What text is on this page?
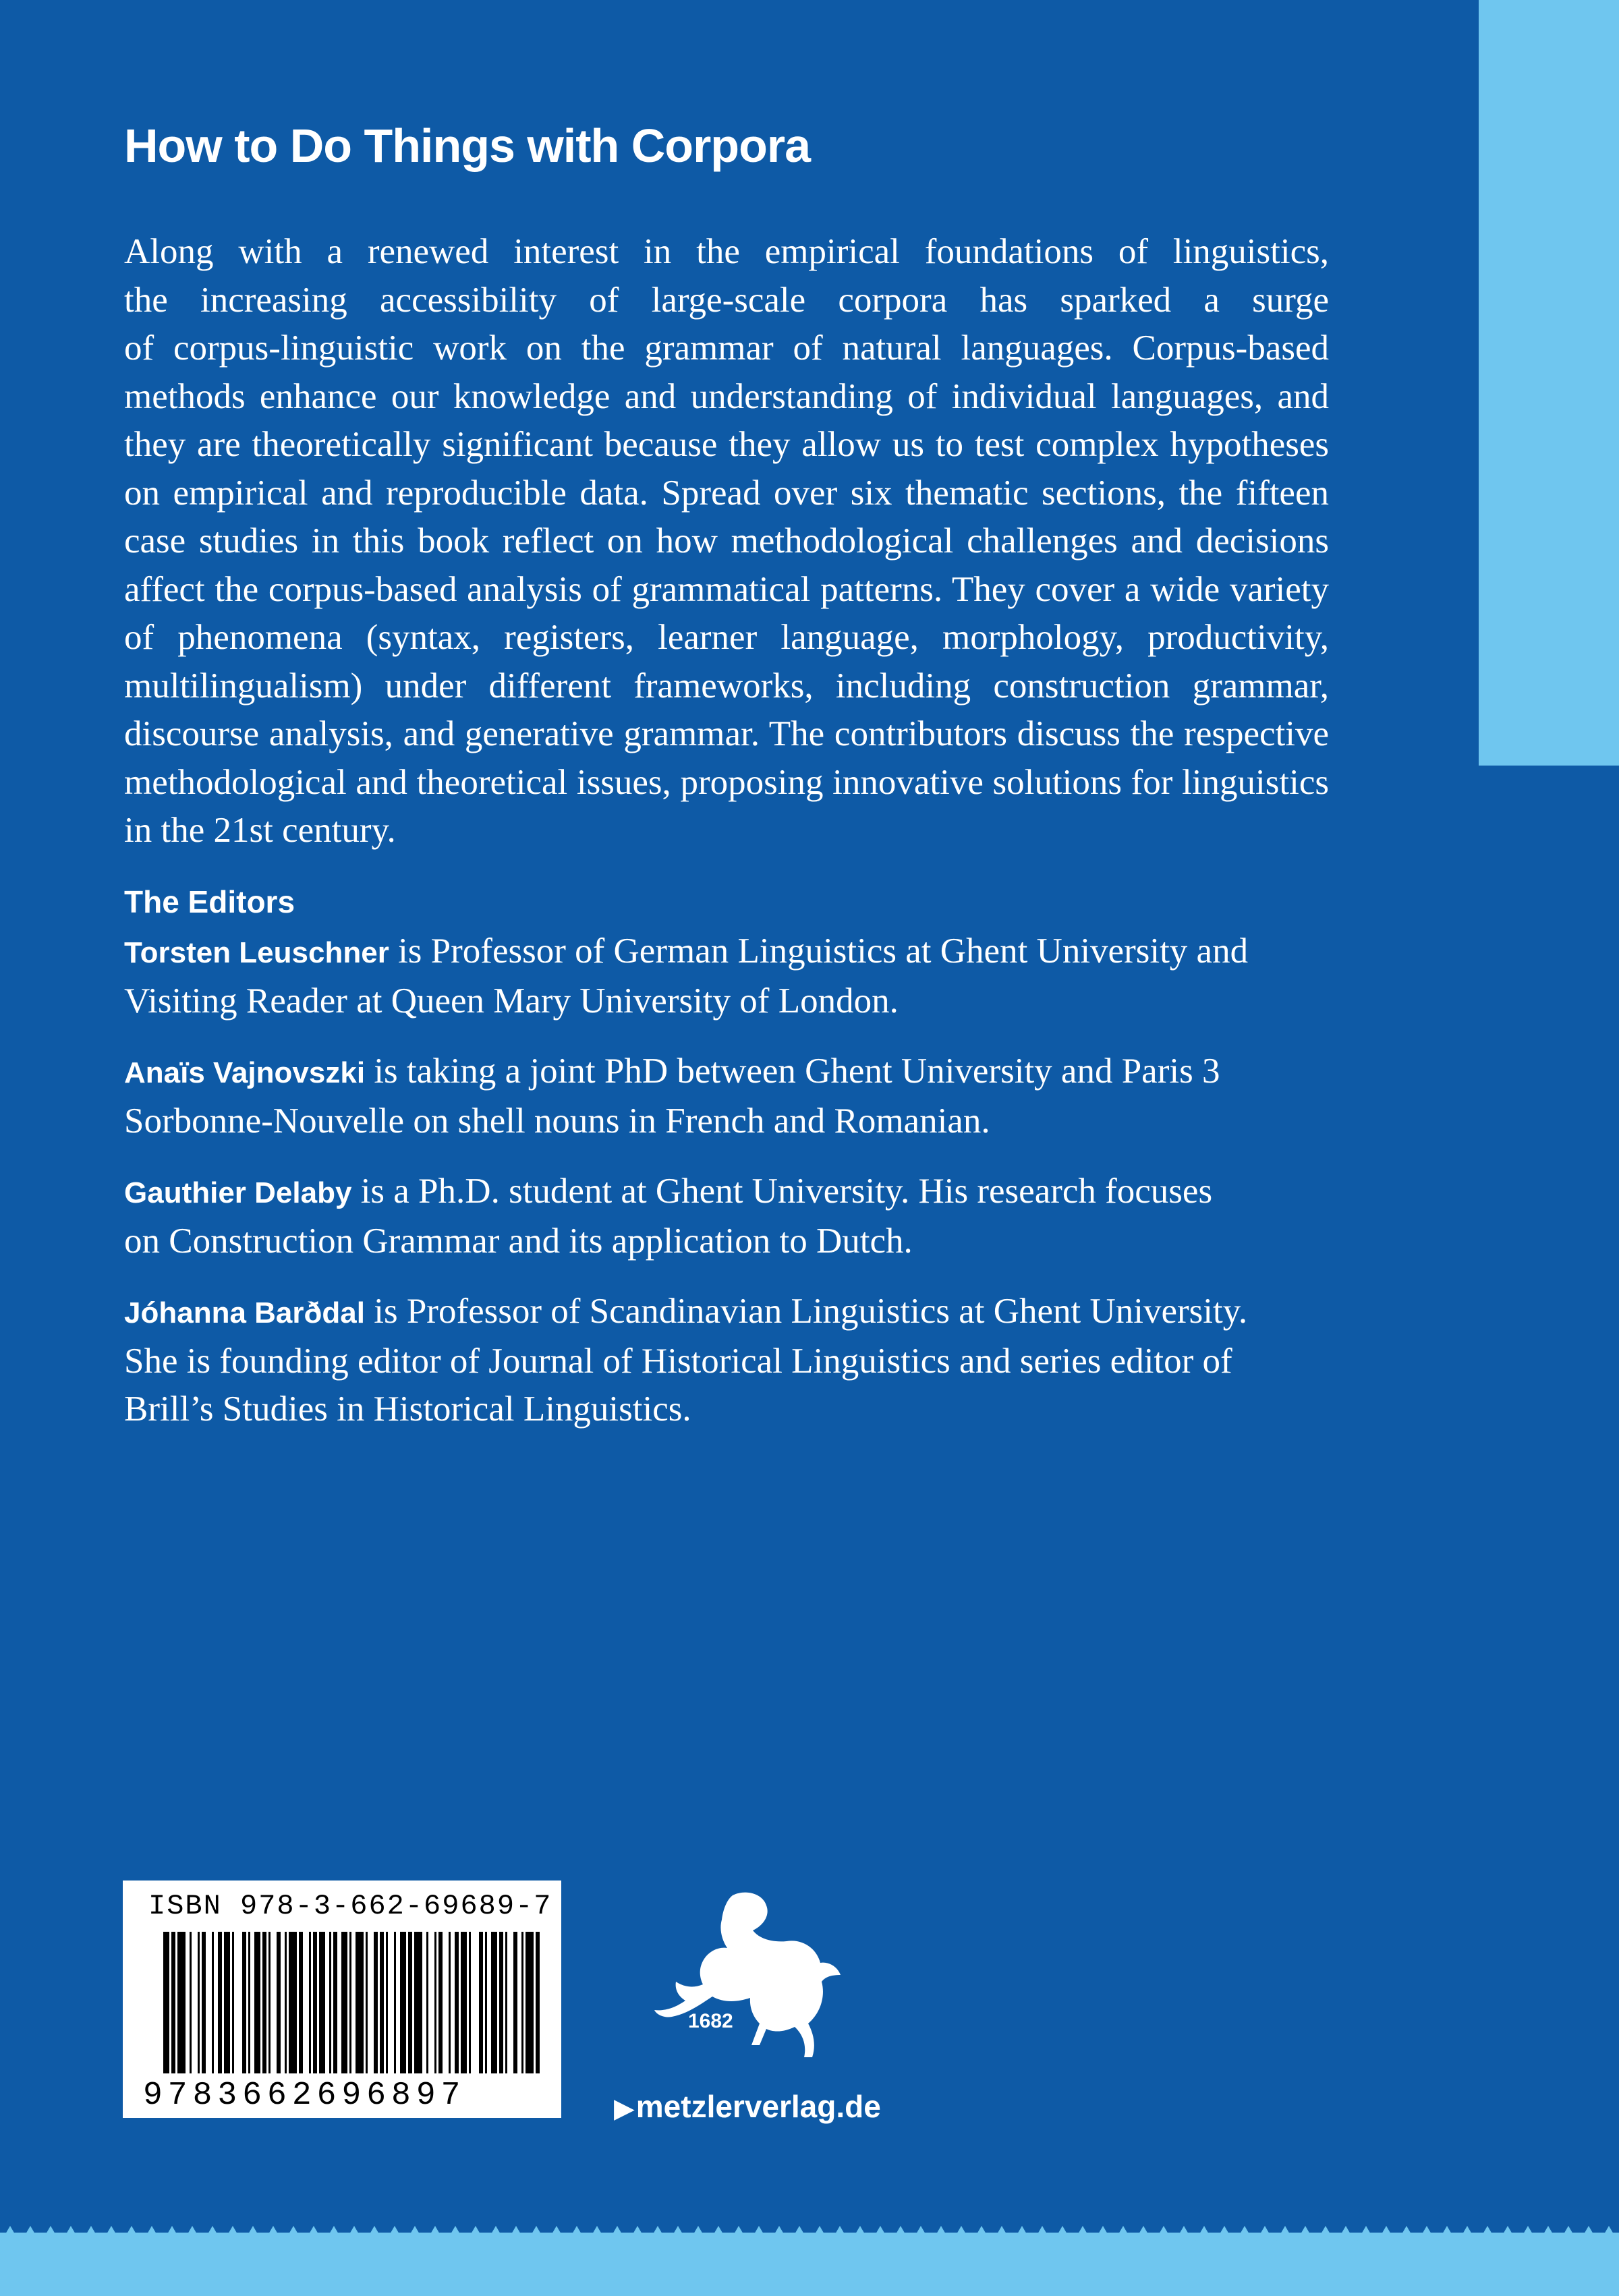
How to Do Things with Corpora
Along with a renewed interest in the empirical foundations of linguistics,
the increasing accessibility of large-scale corpora has sparked a surge
of corpus-linguistic work on the grammar of natural languages. Corpus-based
methods enhance our knowledge and understanding of individual languages, and
they are theoretically significant because they allow us to test complex hypotheses
on empirical and reproducible data. Spread over six thematic sections, the fifteen
case studies in this book reflect on how methodological challenges and decisions
affect the corpus-based analysis of grammatical patterns. They cover a wide variety
of phenomena (syntax, registers, learner language, morphology, productivity,
multilingualism) under different frameworks, including construction grammar,
discourse analysis, and generative grammar. The contributors discuss the respective
methodological and theoretical issues, proposing innovative solutions for linguistics
in the 21st century.
The Editors
Torsten Leuschner is Professor of German Linguistics at Ghent University and
Visiting Reader at Queen Mary University of London.
Anaïs Vajnovszki is taking a joint PhD between Ghent University and Paris 3
Sorbonne-Nouvelle on shell nouns in French and Romanian.
Gauthier Delaby is a Ph.D. student at Ghent University. His research focuses
on Construction Grammar and its application to Dutch.
Jóhanna Barðdal is Professor of Scandinavian Linguistics at Ghent University.
She is founding editor of Journal of Historical Linguistics and series editor of
Brill’s Studies in Historical Linguistics.
ISBN 978-3-662-69689-7
9783662696897
1682
▶metzlerverlag.de
